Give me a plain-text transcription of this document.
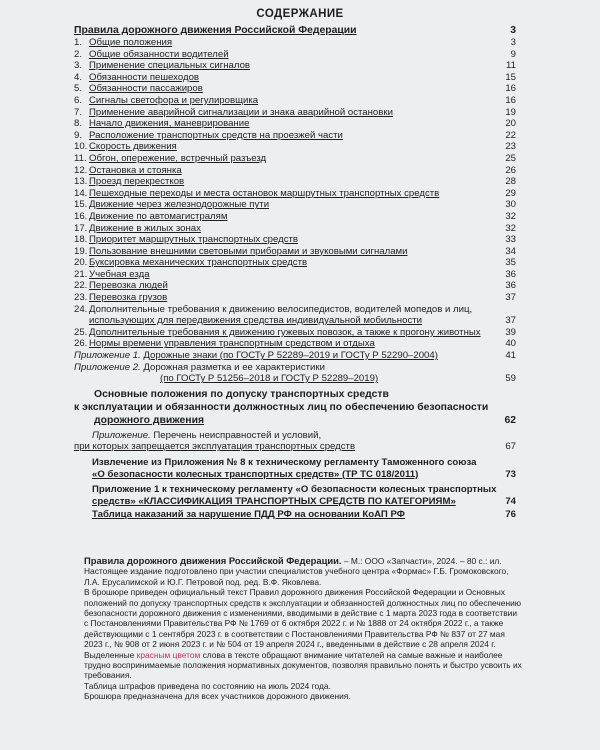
СОДЕРЖАНИЕ
Правила дорожного движения Российской Федерации	3
1. Общие положения	3
2. Общие обязанности водителей	9
3. Применение специальных сигналов	11
4. Обязанности пешеходов	15
5. Обязанности пассажиров	16
6. Сигналы светофора и регулировщика	16
7. Применение аварийной сигнализации и знака аварийной остановки	19
8. Начало движения, маневрирование	20
9. Расположение транспортных средств на проезжей части	22
10. Скорость движения	23
11. Обгон, опережение, встречный разъезд	25
12. Остановка и стоянка	26
13. Проезд перекрестков	28
14. Пешеходные переходы и места остановок маршрутных транспортных средств	29
15. Движение через железнодорожные пути	30
16. Движение по автомагистралям	32
17. Движение в жилых зонах	32
18. Приоритет маршрутных транспортных средств	33
19. Пользование внешними световыми приборами и звуковыми сигналами	34
20. Буксировка механических транспортных средств	35
21. Учебная езда	36
22. Перевозка людей	36
23. Перевозка грузов	37
24. Дополнительные требования к движению велосипедистов, водителей мопедов и лиц,
использующих для передвижения средства индивидуальной мобильности	37
25. Дополнительные требования к движению гужевых повозок, а также к прогону животных	39
26. Нормы времени управления транспортным средством и отдыха	40
Приложение 1. Дорожные знаки (по ГОСТу Р 52289–2019 и ГОСТу Р 52290–2004)	41
Приложение 2. Дорожная разметка и ее характеристики
(по ГОСТу Р 51256–2018 и ГОСТу Р 52289–2019)	59
Основные положения по допуску транспортных средств
к эксплуатации и обязанности должностных лиц по обеспечению безопасности
дорожного движения	62
Приложение. Перечень неисправностей и условий,
при которых запрещается эксплуатация транспортных средств	67
Извлечение из Приложения № 8 к техническому регламенту Таможенного союза
«О безопасности колесных транспортных средств» (ТР ТС 018/2011)	73
Приложение 1 к техническому регламенту «О безопасности колесных транспортных
средств» «КЛАССИФИКАЦИЯ ТРАНСПОРТНЫХ СРЕДСТВ ПО КАТЕГОРИЯМ»	74
Таблица наказаний за нарушение ПДД РФ на основании КоАП РФ	76

Правила дорожного движения Российской Федерации. – М.: ООО «Запчасти», 2024. – 80 с.: ил.

Настоящее издание подготовлено при участии специалистов учебного центра «Формас» Г.Б. Громоковского, Л.А. Ерусалимской и Ю.Г. Петровой под. ред. В.Ф. Яковлева.

В брошюре приведен официальный текст Правил дорожного движения Российской Федерации и Основных положений по допуску транспортных средств к эксплуатации и обязанностей должностных лиц по обеспечению безопасности дорожного движения с изменениями, вводимыми в действие с 1 марта 2023 года в соответствии с Постановлениями Правительства РФ № 1769 от 6 октября 2022 г. и № 1888 от 24 октября 2022 г., а также действующими с 1 сентября 2023 г. в соответствии с Постановлениями Правительства РФ № 837 от 27 мая 2023 г., № 908 от 2 июня 2023 г. и № 504 от 19 апреля 2024 г., введенными в действие с 28 апреля 2024 г.

Выделенные красным цветом слова в тексте обращают внимание читателей на самые важные и наиболее трудно воспринимаемые положения нормативных документов, позволяя правильно понять и быстро усвоить их требования.

Таблица штрафов приведена по состоянию на июль 2024 года.

Брошюра предназначена для всех участников дорожного движения.
